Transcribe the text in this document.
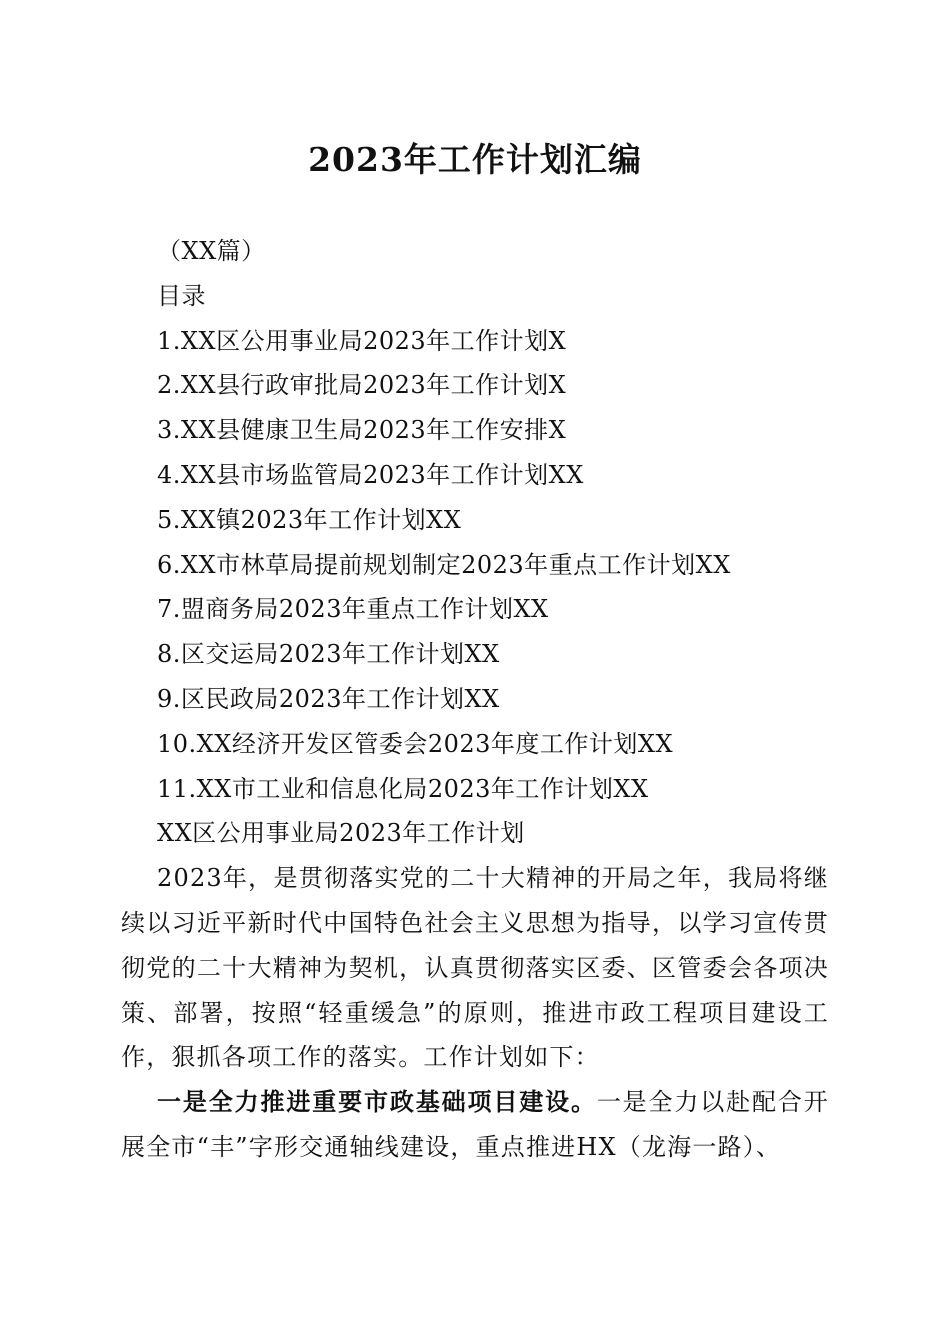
2023年工作计划汇编

（XX篇）

目录

1.XX区公用事业局2023年工作计划X

2.XX县行政审批局2023年工作计划X

3.XX县健康卫生局2023年工作安排X

4.XX县市场监管局2023年工作计划XX

5.XX镇2023年工作计划XX

6.XX市林草局提前规划制定2023年重点工作计划XX

7.盟商务局2023年重点工作计划XX

8.区交运局2023年工作计划XX

9.区民政局2023年工作计划XX

10.XX经济开发区管委会2023年度工作计划XX

11.XX市工业和信息化局2023年工作计划XX

XX区公用事业局2023年工作计划

2023年，是贯彻落实党的二十大精神的开局之年，我局将继续以习近平新时代中国特色社会主义思想为指导，以学习宣传贯彻党的二十大精神为契机，认真贯彻落实区委、区管委会各项决策、部署，按照“轻重缓急”的原则，推进市政工程项目建设工作，狠抓各项工作的落实。工作计划如下：

一是全力推进重要市政基础项目建设。一是全力以赴配合开展全市“丰”字形交通轴线建设，重点推进HX（龙海一路）、
